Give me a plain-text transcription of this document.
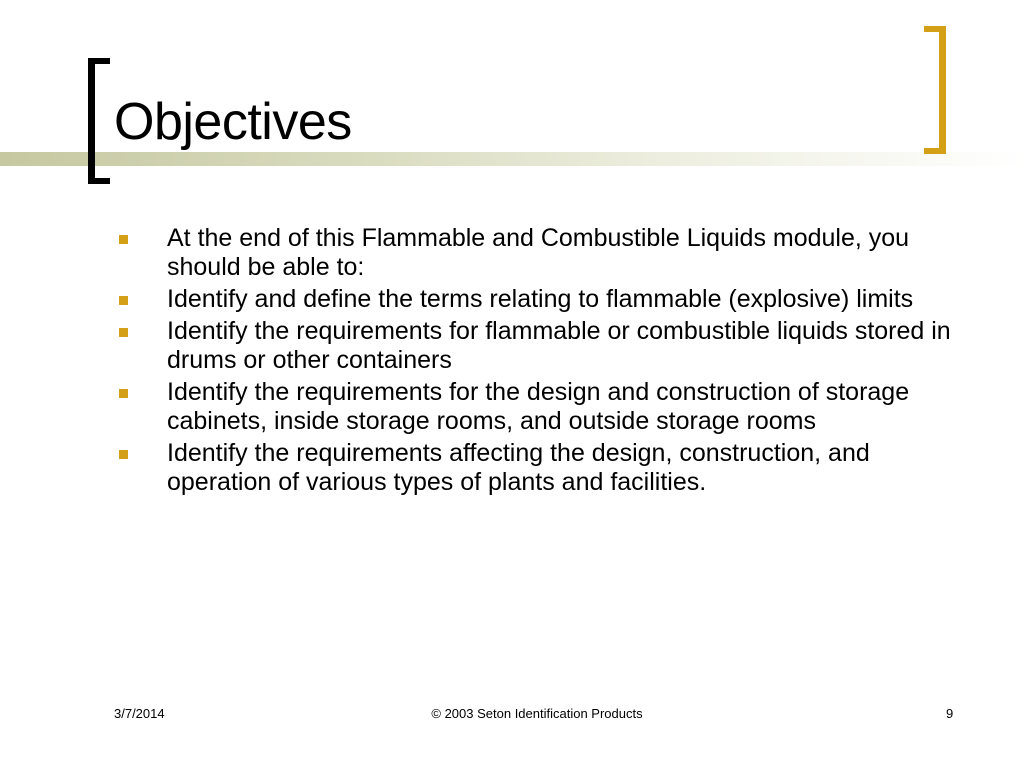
Objectives
At the end of this Flammable and Combustible Liquids module, you should be able to:
Identify and define the terms relating to flammable (explosive) limits
Identify the requirements for flammable or combustible liquids stored in drums or other containers
Identify the requirements for the design and construction of storage cabinets, inside storage rooms, and outside storage rooms
Identify the requirements affecting the design, construction, and operation of various types of plants and facilities.
3/7/2014	© 2003 Seton Identification Products	9
